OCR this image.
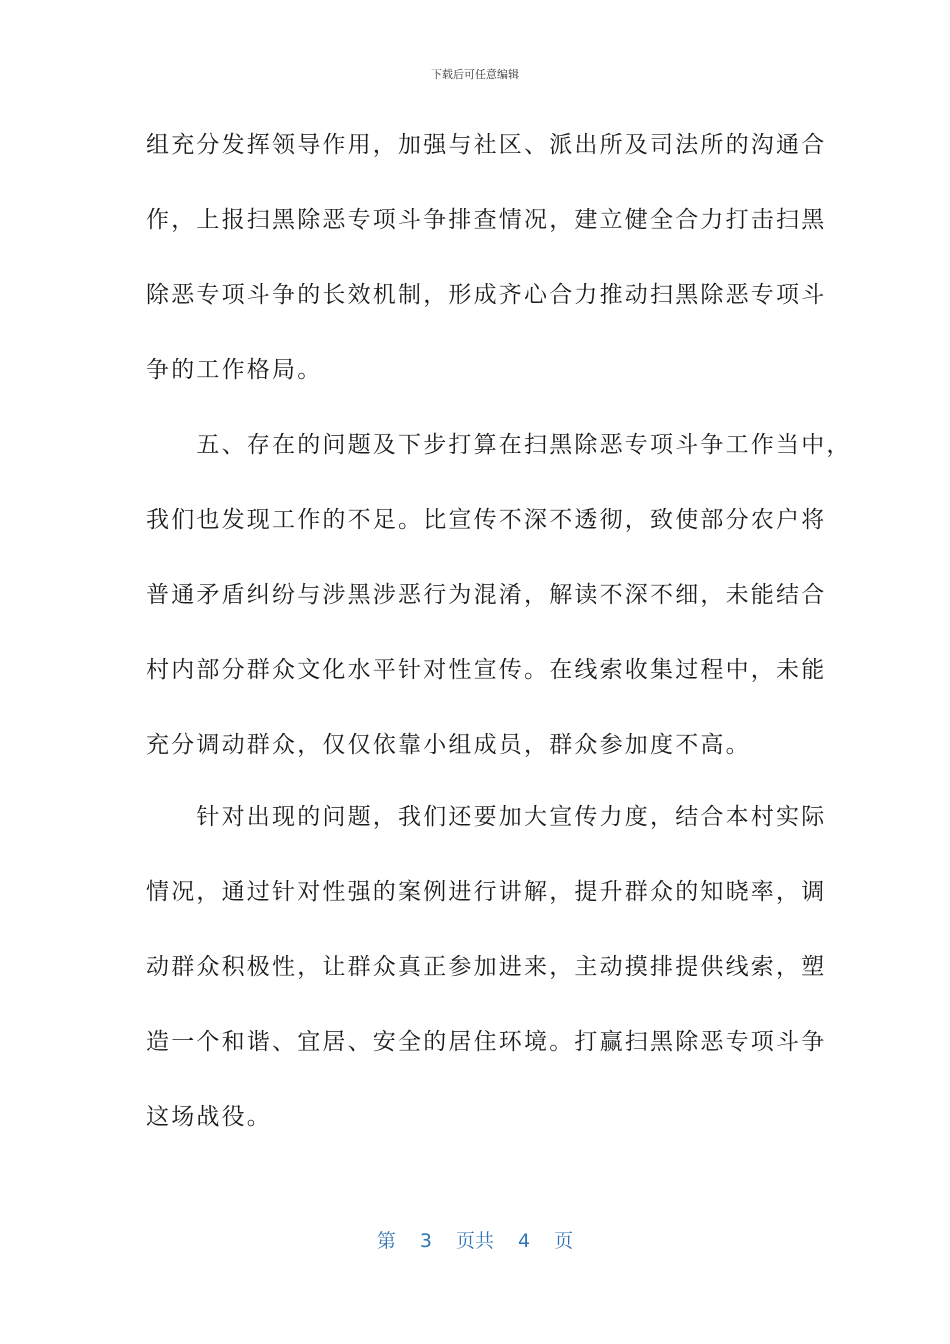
下载后可任意编辑
组充分发挥领导作用，加强与社区、派出所及司法所的沟通合
作，上报扫黑除恶专项斗争排查情况，建立健全合力打击扫黑
除恶专项斗争的长效机制，形成齐心合力推动扫黑除恶专项斗
争的工作格局。
　　五、存在的问题及下步打算在扫黑除恶专项斗争工作当中，
我们也发现工作的不足。比宣传不深不透彻，致使部分农户将
普通矛盾纠纷与涉黑涉恶行为混淆，解读不深不细，未能结合
村内部分群众文化水平针对性宣传。在线索收集过程中，未能
充分调动群众，仅仅依靠小组成员，群众参加度不高。
　　针对出现的问题，我们还要加大宣传力度，结合本村实际
情况，通过针对性强的案例进行讲解，提升群众的知晓率，调
动群众积极性，让群众真正参加进来，主动摸排提供线索，塑
造一个和谐、宜居、安全的居住环境。打赢扫黑除恶专项斗争
这场战役。
第 3 页共 4 页
